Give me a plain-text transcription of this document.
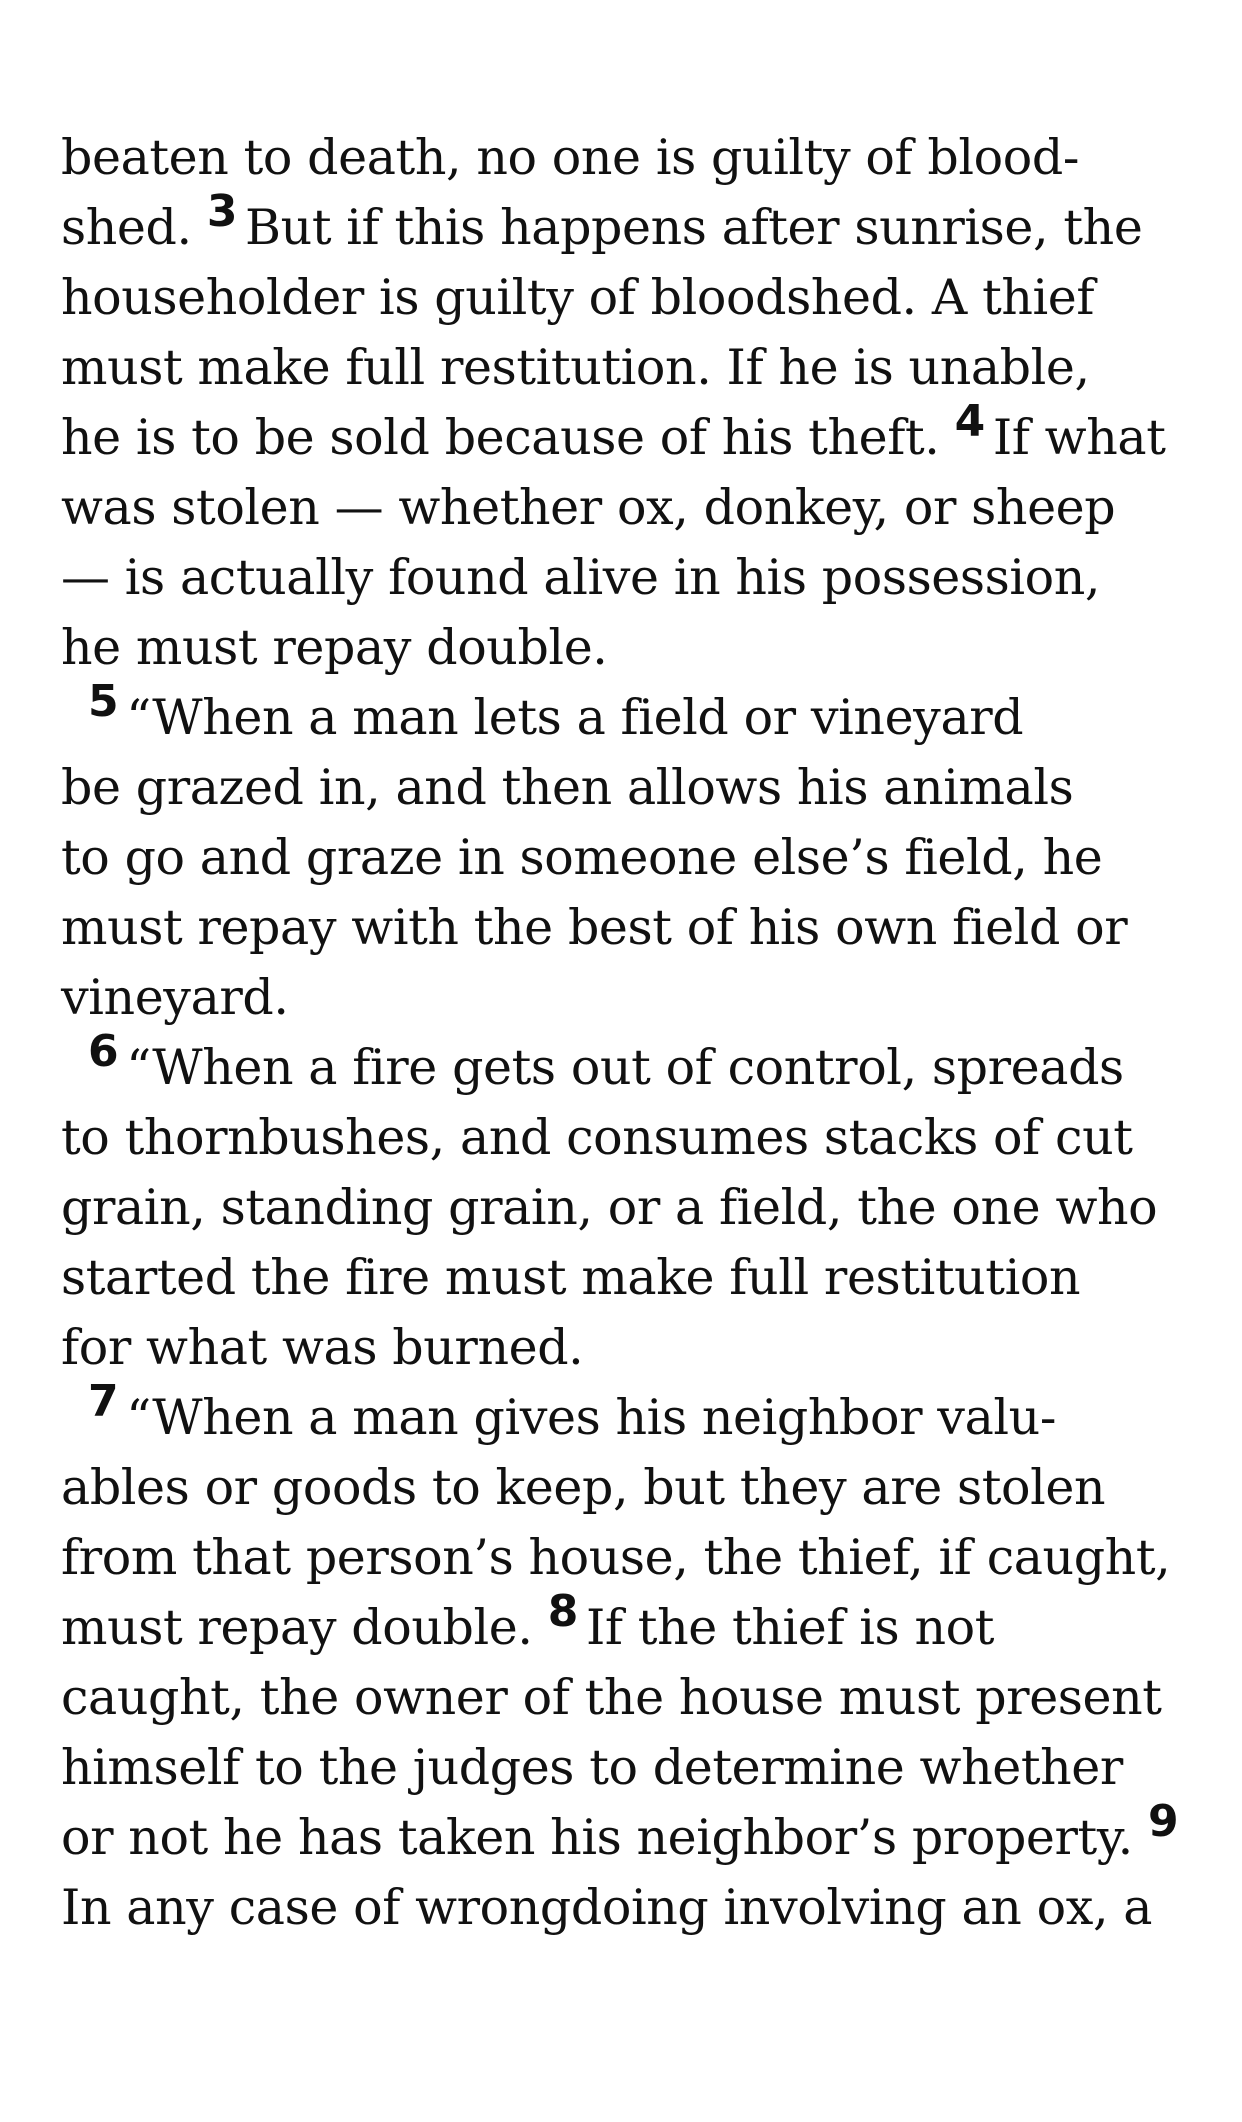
beaten to death, no one is guilty of blood-
shed. 3 But if this happens after sunrise, the
householder is guilty of bloodshed. A thief
must make full restitution. If he is unable,
he is to be sold because of his theft. 4 If what
was stolen — whether ox, donkey, or sheep
— is actually found alive in his possession,
he must repay double.
5 “When a man lets a field or vineyard
be grazed in, and then allows his animals
to go and graze in someone else’s field, he
must repay with the best of his own field or
vineyard.
6 “When a fire gets out of control, spreads
to thornbushes, and consumes stacks of cut
grain, standing grain, or a field, the one who
started the fire must make full restitution
for what was burned.
7 “When a man gives his neighbor valu-
ables or goods to keep, but they are stolen
from that person’s house, the thief, if caught,
must repay double. 8 If the thief is not
caught, the owner of the house must present
himself to the judges to determine whether
or not he has taken his neighbor’s property. 9
In any case of wrongdoing involving an ox, a
